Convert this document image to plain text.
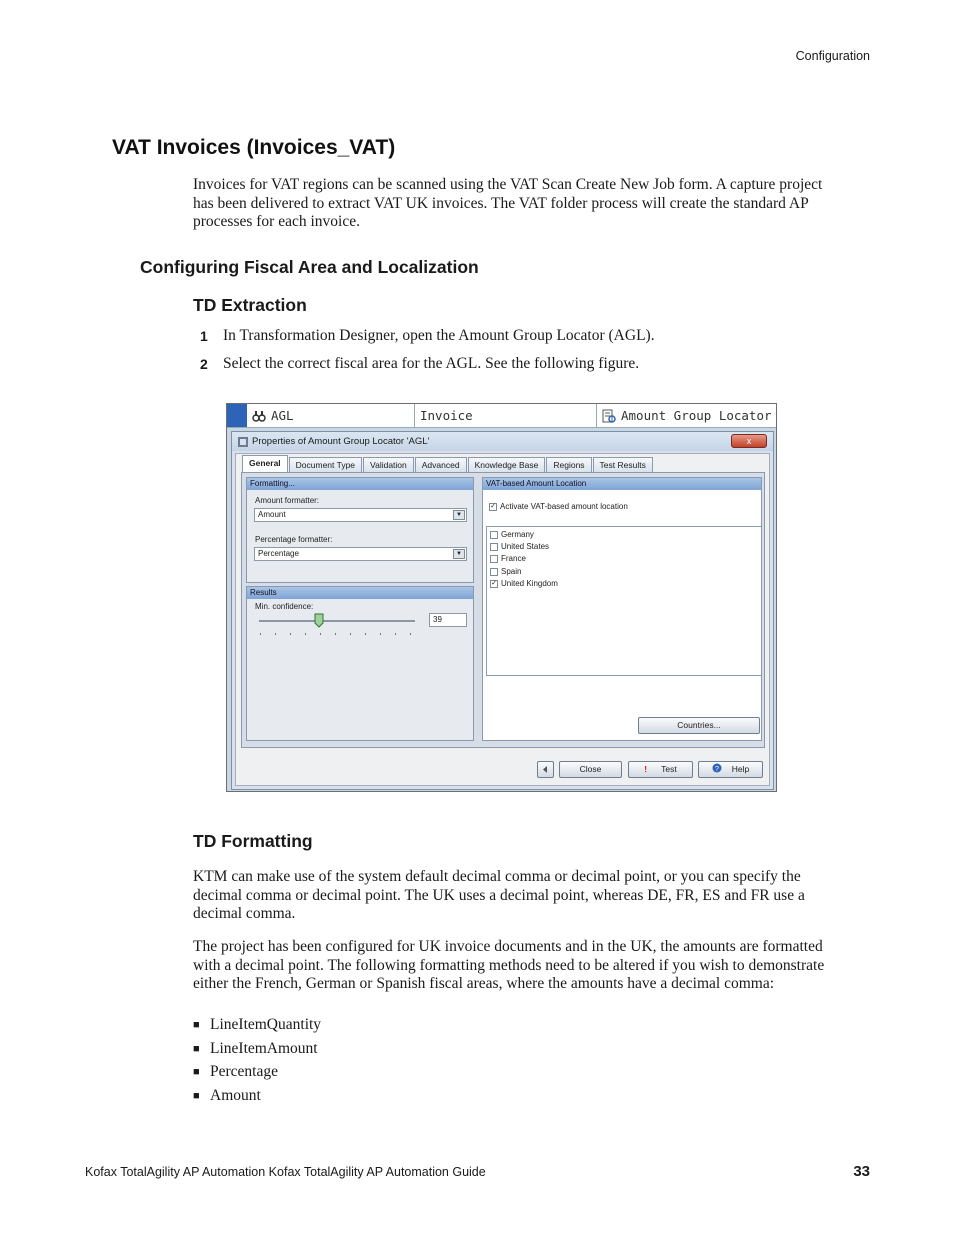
Configuration
VAT Invoices (Invoices_VAT)
Invoices for VAT regions can be scanned using the VAT Scan Create New Job form. A capture project has been delivered to extract VAT UK invoices. The VAT folder process will create the standard AP processes for each invoice.
Configuring Fiscal Area and Localization
TD Extraction
1 In Transformation Designer, open the Amount Group Locator (AGL).
2 Select the correct fiscal area for the AGL. See the following figure.
AGL	Invoice	Amount Group Locator
Properties of Amount Group Locator 'AGL'	x
General	Document Type	Validation	Advanced	Knowledge Base	Regions	Test Results
Formatting...
Amount formatter:
Amount	▼
Percentage formatter:
Percentage	▼
Results
Min. confidence:
39
VAT-based Amount Location
✓ Activate VAT-based amount location
Germany
United States
France
Spain
✓ United Kingdom
Countries...
Close	! Test	? Help
TD Formatting
KTM can make use of the system default decimal comma or decimal point, or you can specify the decimal comma or decimal point. The UK uses a decimal point, whereas DE, FR, ES and FR use a decimal comma.
The project has been configured for UK invoice documents and in the UK, the amounts are formatted with a decimal point. The following formatting methods need to be altered if you wish to demonstrate either the French, German or Spanish fiscal areas, where the amounts have a decimal comma:
■ LineItemQuantity
■ LineItemAmount
■ Percentage
■ Amount
Kofax TotalAgility AP Automation Kofax TotalAgility AP Automation Guide	33
